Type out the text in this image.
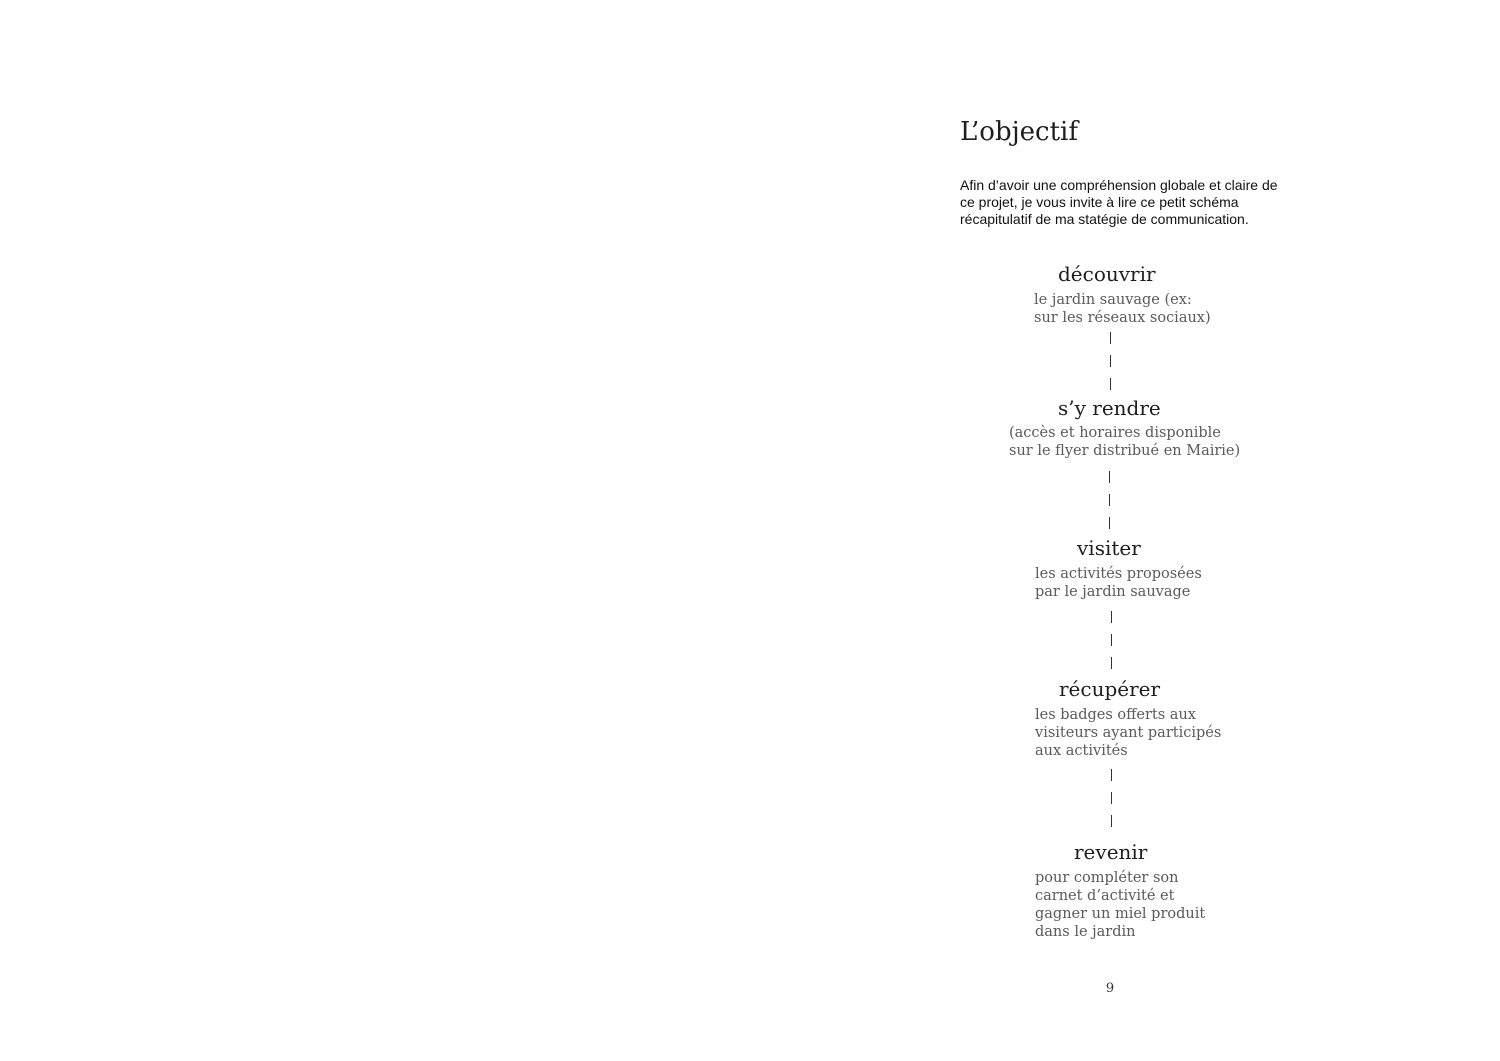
L’objectif

Afin d’avoir une compréhension globale et claire de ce projet, je vous invite à lire ce petit schéma récapitulatif de ma statégie de communication.

découvrir

le jardin sauvage (ex:
sur les réseaux sociaux)

s’y rendre

(accès et horaires disponible
sur le flyer distribué en Mairie)

visiter

les activités proposées
par le jardin sauvage

récupérer

les badges offerts aux
visiteurs ayant participés
aux activités

revenir

pour compléter son
carnet d’activité et
gagner un miel produit
dans le jardin

9
